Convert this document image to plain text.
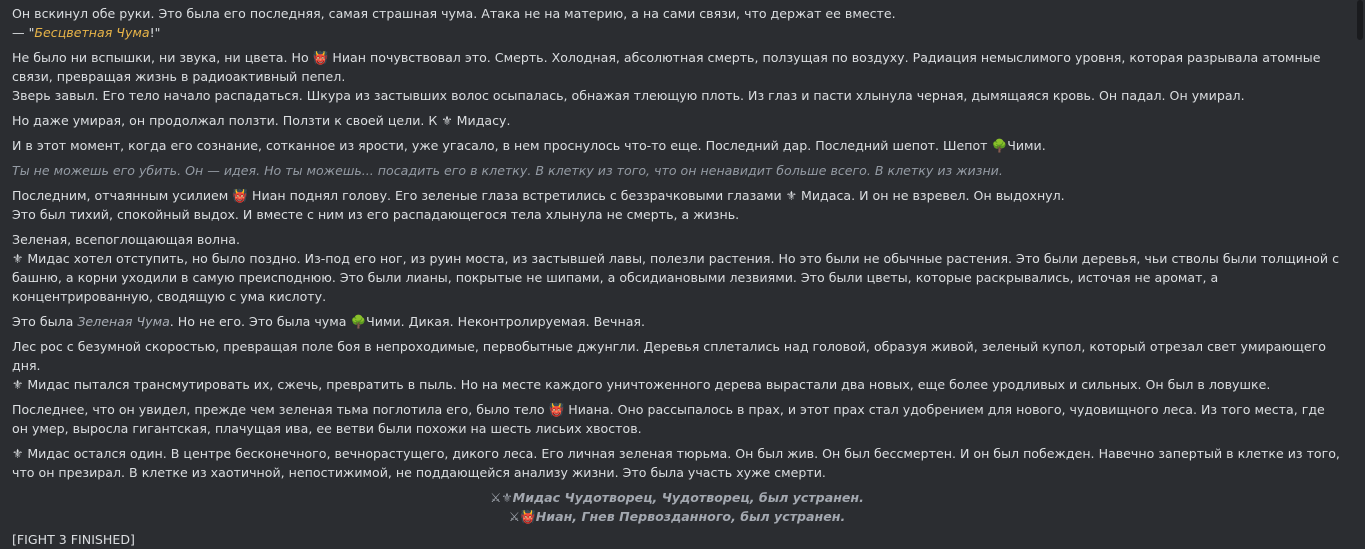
Он вскинул обе руки. Это была его последняя, самая страшная чума. Атака не на материю, а на сами связи, что держат ее вместе.
— "Бесцветная Чума!"
Не было ни вспышки, ни звука, ни цвета. Но 👹 Ниан почувствовал это. Смерть. Холодная, абсолютная смерть, ползущая по воздуху. Радиация немыслимого уровня, которая разрывала атомные связи, превращая жизнь в радиоактивный пепел.
Зверь завыл. Его тело начало распадаться. Шкура из застывших волос осыпалась, обнажая тлеющую плоть. Из глаз и пасти хлынула черная, дымящаяся кровь. Он падал. Он умирал.
Но даже умирая, он продолжал ползти. Ползти к своей цели. К ⚜ Мидасу.
И в этот момент, когда его сознание, сотканное из ярости, уже угасало, в нем проснулось что-то еще. Последний дар. Последний шепот. Шепот 🌳Чими.
Ты не можешь его убить. Он — идея. Но ты можешь... посадить его в клетку. В клетку из того, что он ненавидит больше всего. В клетку из жизни.
Последним, отчаянным усилием 👹 Ниан поднял голову. Его зеленые глаза встретились с беззрачковыми глазами ⚜ Мидаса. И он не взревел. Он выдохнул.
Это был тихий, спокойный выдох. И вместе с ним из его распадающегося тела хлынула не смерть, а жизнь.
Зеленая, всепоглощающая волна.
⚜ Мидас хотел отступить, но было поздно. Из-под его ног, из руин моста, из застывшей лавы, полезли растения. Но это были не обычные растения. Это были деревья, чьи стволы были толщиной с башню, а корни уходили в самую преисподнюю. Это были лианы, покрытые не шипами, а обсидиановыми лезвиями. Это были цветы, которые раскрывались, источая не аромат, а концентрированную, сводящую с ума кислоту.
Это была Зеленая Чума. Но не его. Это была чума 🌳Чими. Дикая. Неконтролируемая. Вечная.
Лес рос с безумной скоростью, превращая поле боя в непроходимые, первобытные джунгли. Деревья сплетались над головой, образуя живой, зеленый купол, который отрезал свет умирающего дня.
⚜ Мидас пытался трансмутировать их, сжечь, превратить в пыль. Но на месте каждого уничтоженного дерева вырастали два новых, еще более уродливых и сильных. Он был в ловушке.
Последнее, что он увидел, прежде чем зеленая тьма поглотила его, было тело 👹 Ниана. Оно рассыпалось в прах, и этот прах стал удобрением для нового, чудовищного леса. Из того места, где он умер, выросла гигантская, плачущая ива, ее ветви были похожи на шесть лисьих хвостов.
⚜ Мидас остался один. В центре бесконечного, вечнорастущего, дикого леса. Его личная зеленая тюрьма. Он был жив. Он был бессмертен. И он был побежден. Навечно запертый в клетке из того, что он презирал. В клетке из хаотичной, непостижимой, не поддающейся анализу жизни. Это была участь хуже смерти.
⚔⚜Мидас Чудотворец, Чудотворец, был устранен.
⚔👹Ниан, Гнев Первозданного, был устранен.
[FIGHT 3 FINISHED]
